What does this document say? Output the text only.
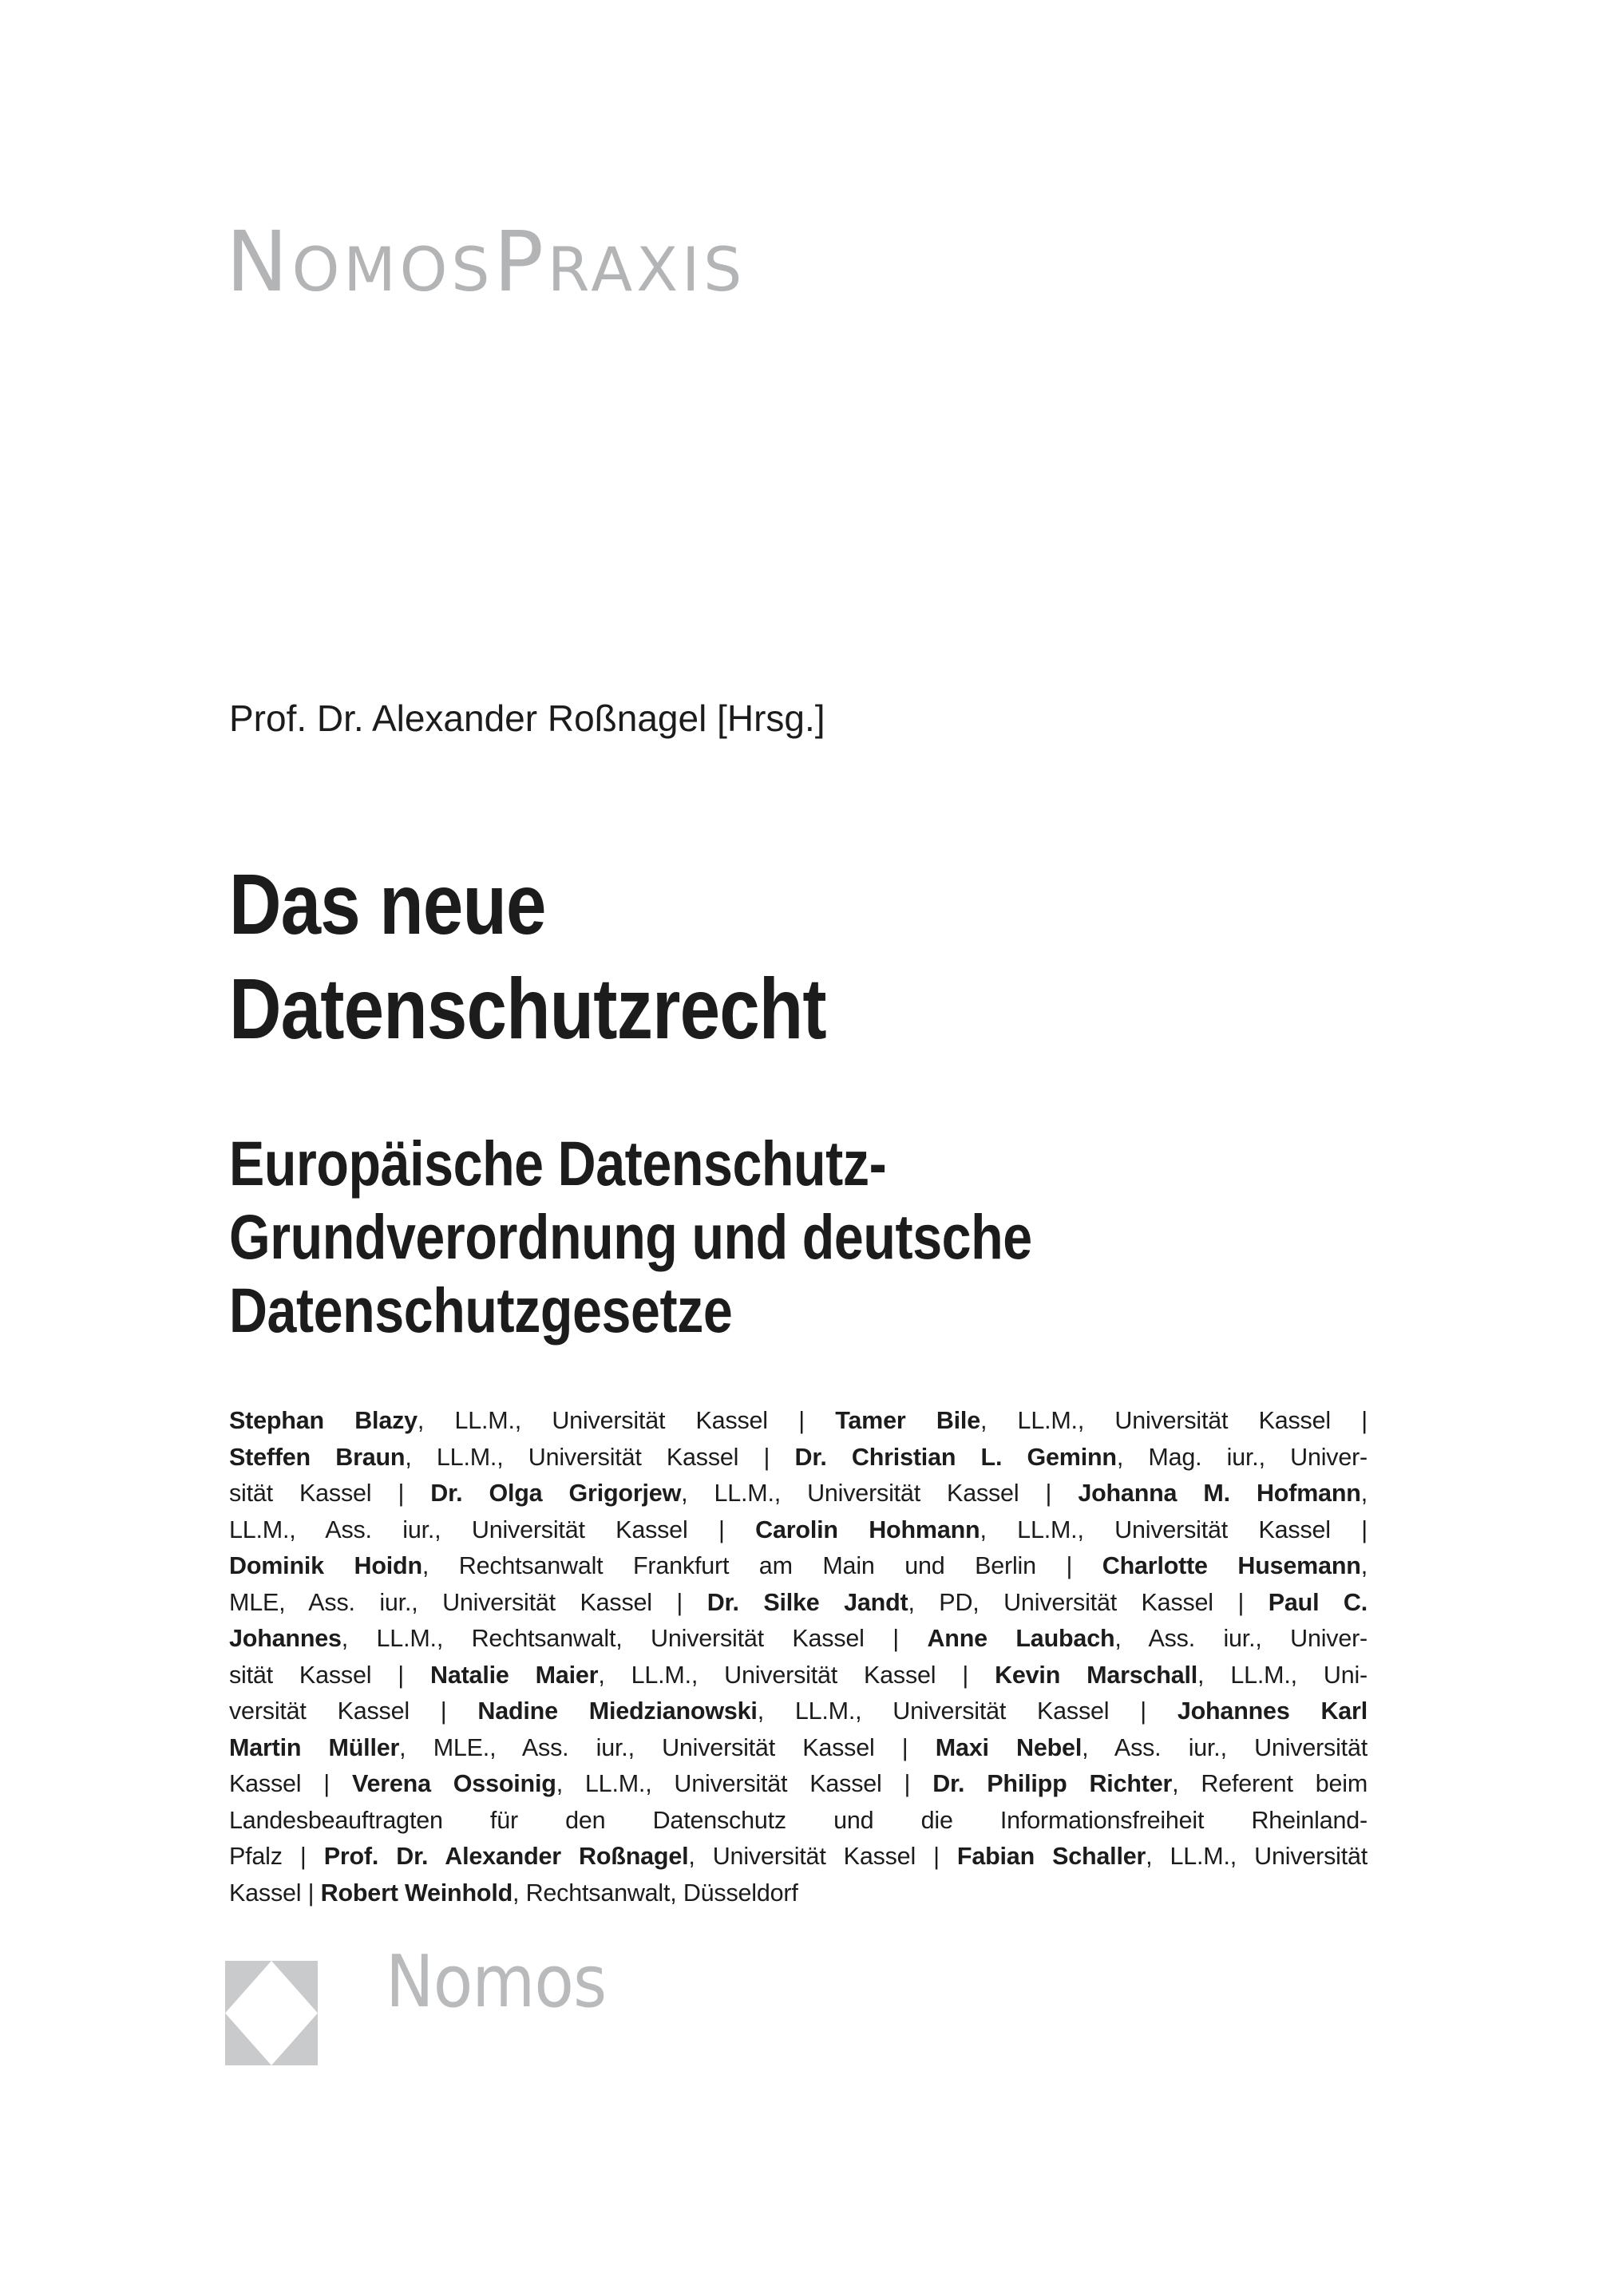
NOMOSPRAXIS
Prof. Dr. Alexander Roßnagel [Hrsg.]
Das neue
Datenschutzrecht
Europäische Datenschutz-
Grundverordnung und deutsche
Datenschutzgesetze
Stephan Blazy, LL.M., Universität Kassel | Tamer Bile, LL.M., Universität Kassel |
Steffen Braun, LL.M., Universität Kassel | Dr. Christian L. Geminn, Mag. iur., Univer-
sität Kassel | Dr. Olga Grigorjew, LL.M., Universität Kassel | Johanna M. Hofmann,
LL.M., Ass. iur., Universität Kassel | Carolin Hohmann, LL.M., Universität Kassel |
Dominik Hoidn, Rechtsanwalt Frankfurt am Main und Berlin | Charlotte Husemann,
MLE, Ass. iur., Universität Kassel | Dr. Silke Jandt, PD, Universität Kassel | Paul C.
Johannes, LL.M., Rechtsanwalt, Universität Kassel | Anne Laubach, Ass. iur., Univer-
sität Kassel | Natalie Maier, LL.M., Universität Kassel | Kevin Marschall, LL.M., Uni-
versität Kassel | Nadine Miedzianowski, LL.M., Universität Kassel | Johannes Karl
Martin Müller, MLE., Ass. iur., Universität Kassel | Maxi Nebel, Ass. iur., Universität
Kassel | Verena Ossoinig, LL.M., Universität Kassel | Dr. Philipp Richter, Referent beim
Landesbeauftragten für den Datenschutz und die Informationsfreiheit Rheinland-
Pfalz | Prof. Dr. Alexander Roßnagel, Universität Kassel | Fabian Schaller, LL.M., Universität
Kassel | Robert Weinhold, Rechtsanwalt, Düsseldorf
Nomos
